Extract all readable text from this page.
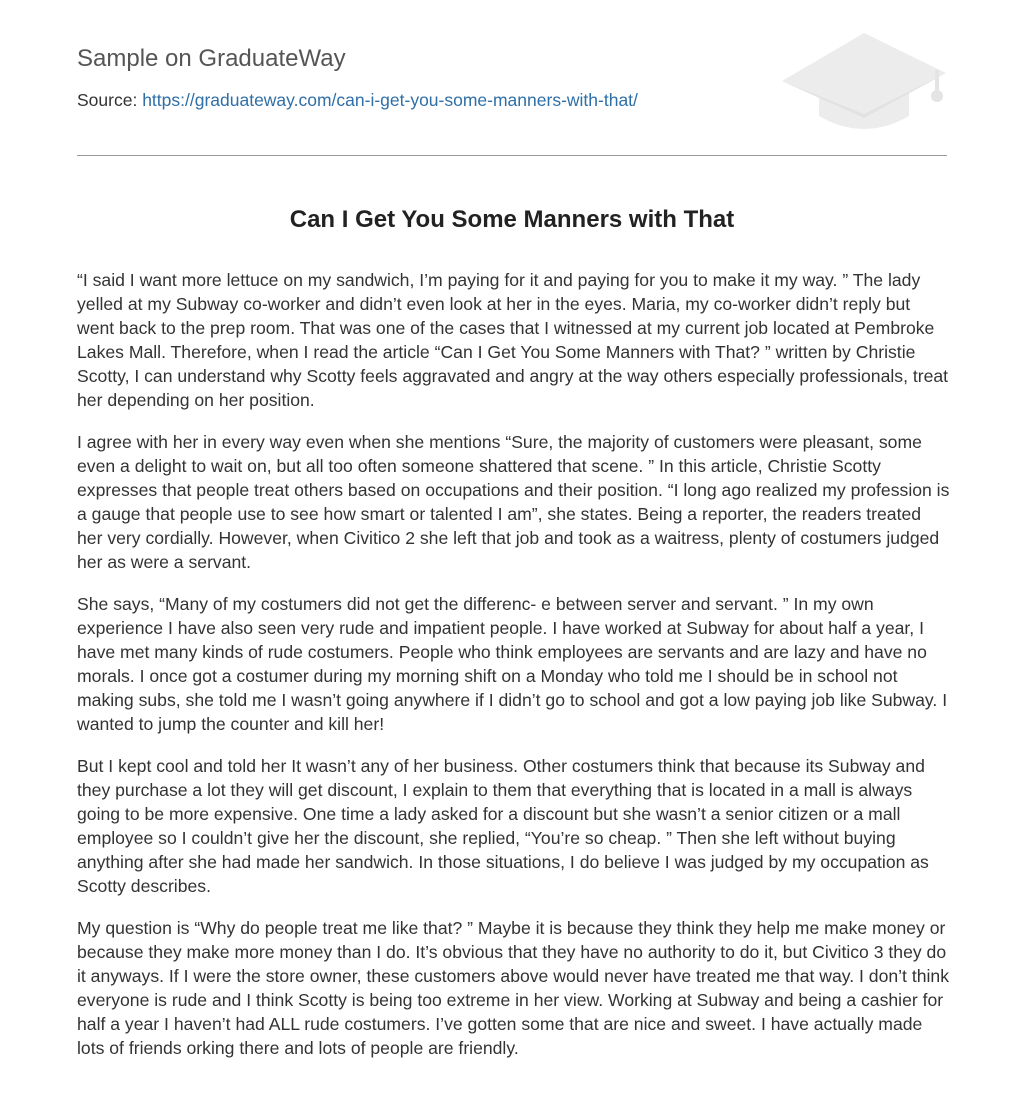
Sample on GraduateWay
Source: https://graduateway.com/can-i-get-you-some-manners-with-that/
Can I Get You Some Manners with That

“I said I want more lettuce on my sandwich, I’m paying for it and paying for you to make it my way. ” The lady yelled at my Subway co-worker and didn’t even look at her in the eyes. Maria, my co-worker didn’t reply but went back to the prep room. That was one of the cases that I witnessed at my current job located at Pembroke Lakes Mall. Therefore, when I read the article “Can I Get You Some Manners with That? ” written by Christie Scotty, I can understand why Scotty feels aggravated and angry at the way others especially professionals, treat her depending on her position.

I agree with her in every way even when she mentions “Sure, the majority of customers were pleasant, some even a delight to wait on, but all too often someone shattered that scene. ” In this article, Christie Scotty expresses that people treat others based on occupations and their position. “I long ago realized my profession is a gauge that people use to see how smart or talented I am”, she states. Being a reporter, the readers treated her very cordially. However, when Civitico 2 she left that job and took as a waitress, plenty of costumers judged her as were a servant.

She says, “Many of my costumers did not get the differenc- e between server and servant. ” In my own experience I have also seen very rude and impatient people. I have worked at Subway for about half a year, I have met many kinds of rude costumers. People who think employees are servants and are lazy and have no morals. I once got a costumer during my morning shift on a Monday who told me I should be in school not making subs, she told me I wasn’t going anywhere if I didn’t go to school and got a low paying job like Subway. I wanted to jump the counter and kill her!

But I kept cool and told her It wasn’t any of her business. Other costumers think that because its Subway and they purchase a lot they will get discount, I explain to them that everything that is located in a mall is always going to be more expensive. One time a lady asked for a discount but she wasn’t a senior citizen or a mall employee so I couldn’t give her the discount, she replied, “You’re so cheap. ” Then she left without buying anything after she had made her sandwich. In those situations, I do believe I was judged by my occupation as Scotty describes.

My question is “Why do people treat me like that? ” Maybe it is because they think they help me make money or because they make more money than I do. It’s obvious that they have no authority to do it, but Civitico 3 they do it anyways. If I were the store owner, these customers above would never have treated me that way. I don’t think everyone is rude and I think Scotty is being too extreme in her view. Working at Subway and being a cashier for half a year I haven’t had ALL rude costumers. I’ve gotten some that are nice and sweet. I have actually made lots of friends orking there and lots of people are friendly.
